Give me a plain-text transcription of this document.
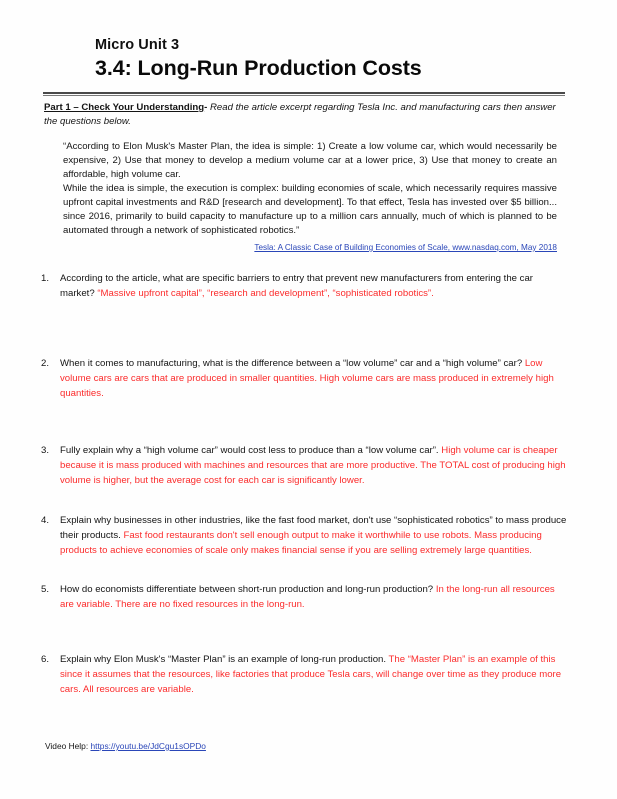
Micro Unit 3
3.4: Long-Run Production Costs
Part 1 – Check Your Understanding- Read the article excerpt regarding Tesla Inc. and manufacturing cars then answer the questions below.

“According to Elon Musk's Master Plan, the idea is simple: 1) Create a low volume car, which would necessarily be expensive, 2) Use that money to develop a medium volume car at a lower price, 3) Use that money to create an affordable, high volume car.

While the idea is simple, the execution is complex: building economies of scale, which necessarily requires massive upfront capital investments and R&D [research and development]. To that effect, Tesla has invested over $5 billion... since 2016, primarily to build capacity to manufacture up to a million cars annually, much of which is planned to be automated through a network of sophisticated robotics.”

Tesla: A Classic Case of Building Economies of Scale, www.nasdaq.com, May 2018
1.	According to the article, what are specific barriers to entry that prevent new manufacturers from entering the car market? “Massive upfront capital”, “research and development”, “sophisticated robotics”.
2.	When it comes to manufacturing, what is the difference between a “low volume” car and a “high volume” car? Low volume cars are cars that are produced in smaller quantities. High volume cars are mass produced in extremely high quantities.
3.	Fully explain why a “high volume car” would cost less to produce than a “low volume car”. High volume car is cheaper because it is mass produced with machines and resources that are more productive. The TOTAL cost of producing high volume is higher, but the average cost for each car is significantly lower.
4.	Explain why businesses in other industries, like the fast food market, don't use “sophisticated robotics” to mass produce their products. Fast food restaurants don't sell enough output to make it worthwhile to use robots. Mass producing products to achieve economies of scale only makes financial sense if you are selling extremely large quantities.
5.	How do economists differentiate between short-run production and long-run production? In the long-run all resources are variable. There are no fixed resources in the long-run.
6.	Explain why Elon Musk's “Master Plan” is an example of long-run production. The “Master Plan” is an example of this since it assumes that the resources, like factories that produce Tesla cars, will change over time as they produce more cars. All resources are variable.
Video Help: https://youtu.be/JdCgu1sOPDo
